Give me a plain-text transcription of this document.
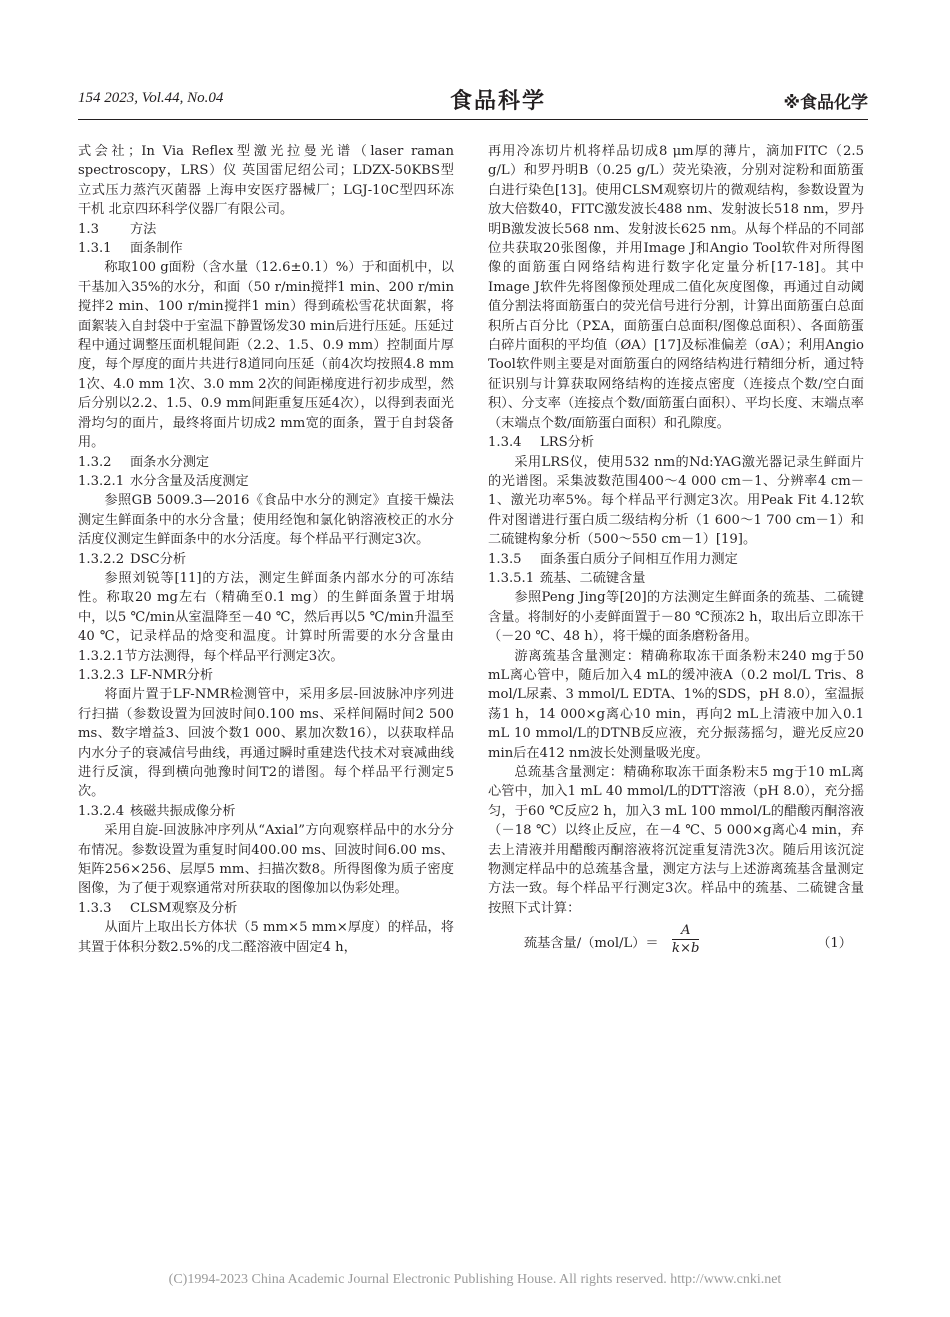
154 2023, Vol.44, No.04	食品科学	※食品化学

式会社；In Via Reflex型激光拉曼光谱（laser raman spectroscopy，LRS）仪 英国雷尼绍公司；LDZX-50KBS型立式压力蒸汽灭菌器 上海申安医疗器械厂；LGJ-10C型四环冻干机 北京四环科学仪器厂有限公司。

1.3 方法

1.3.1 面条制作

称取100 g面粉（含水量（12.6±0.1）%）于和面机中，以干基加入35%的水分，和面（50 r/min搅拌1 min、200 r/min搅拌2 min、100 r/min搅拌1 min）得到疏松雪花状面絮，将面絮装入自封袋中于室温下静置饧发30 min后进行压延。压延过程中通过调整压面机辊间距（2.2、1.5、0.9 mm）控制面片厚度，每个厚度的面片共进行8道同向压延（前4次均按照4.8 mm 1次、4.0 mm 1次、3.0 mm 2次的间距梯度进行初步成型，然后分别以2.2、1.5、0.9 mm间距重复压延4次），以得到表面光滑均匀的面片，最终将面片切成2 mm宽的面条，置于自封袋备用。

1.3.2 面条水分测定

1.3.2.1 水分含量及活度测定

参照GB 5009.3—2016《食品中水分的测定》直接干燥法测定生鲜面条中的水分含量；使用经饱和氯化钠溶液校正的水分活度仪测定生鲜面条中的水分活度。每个样品平行测定3次。

1.3.2.2 DSC分析

参照刘锐等[11]的方法，测定生鲜面条内部水分的可冻结性。称取20 mg左右（精确至0.1 mg）的生鲜面条置于坩埚中，以5 ℃/min从室温降至－40 ℃，然后再以5 ℃/min升温至40 ℃，记录样品的焓变和温度。计算时所需要的水分含量由1.3.2.1节方法测得，每个样品平行测定3次。

1.3.2.3 LF-NMR分析

将面片置于LF-NMR检测管中，采用多层-回波脉冲序列进行扫描（参数设置为回波时间0.100 ms、采样间隔时间2 500 ms、数字增益3、回波个数1 000、累加次数16），以获取样品内水分子的衰减信号曲线，再通过瞬时重建迭代技术对衰减曲线进行反演，得到横向弛豫时间T2的谱图。每个样品平行测定5次。

1.3.2.4 核磁共振成像分析

采用自旋-回波脉冲序列从“Axial”方向观察样品中的水分分布情况。参数设置为重复时间400.00 ms、回波时间6.00 ms、矩阵256×256、层厚5 mm、扫描次数8。所得图像为质子密度图像，为了便于观察通常对所获取的图像加以伪彩处理。

1.3.3 CLSM观察及分析

从面片上取出长方体状（5 mm×5 mm×厚度）的样品，将其置于体积分数2.5%的戊二醛溶液中固定4 h，

再用冷冻切片机将样品切成8 μm厚的薄片，滴加FITC（2.5 g/L）和罗丹明B（0.25 g/L）荧光染液，分别对淀粉和面筋蛋白进行染色[13]。使用CLSM观察切片的微观结构，参数设置为放大倍数40，FITC激发波长488 nm、发射波长518 nm，罗丹明B激发波长568 nm、发射波长625 nm。从每个样品的不同部位共获取20张图像，并用Image J和Angio Tool软件对所得图像的面筋蛋白网络结构进行数字化定量分析[17-18]。其中Image J软件先将图像预处理成二值化灰度图像，再通过自动阈值分割法将面筋蛋白的荧光信号进行分割，计算出面筋蛋白总面积所占百分比（PΣA，面筋蛋白总面积/图像总面积）、各面筋蛋白碎片面积的平均值（ØA）[17]及标准偏差（σA）；利用Angio Tool软件则主要是对面筋蛋白的网络结构进行精细分析，通过特征识别与计算获取网络结构的连接点密度（连接点个数/空白面积）、分支率（连接点个数/面筋蛋白面积）、平均长度、末端点率（末端点个数/面筋蛋白面积）和孔隙度。

1.3.4 LRS分析

采用LRS仪，使用532 nm的Nd:YAG激光器记录生鲜面片的光谱图。采集波数范围400～4 000 cm－1、分辨率4 cm－1、激光功率5%。每个样品平行测定3次。用Peak Fit 4.12软件对图谱进行蛋白质二级结构分析（1 600～1 700 cm－1）和二硫键构象分析（500～550 cm－1）[19]。

1.3.5 面条蛋白质分子间相互作用力测定

1.3.5.1 巯基、二硫键含量

参照Peng Jing等[20]的方法测定生鲜面条的巯基、二硫键含量。将制好的小麦鲜面置于－80 ℃预冻2 h，取出后立即冻干（－20 ℃、48 h），将干燥的面条磨粉备用。

游离巯基含量测定：精确称取冻干面条粉末240 mg于50 mL离心管中，随后加入4 mL的缓冲液A（0.2 mol/L Tris、8 mol/L尿素、3 mmol/L EDTA、1%的SDS，pH 8.0），室温振荡1 h，14 000×g离心10 min，再向2 mL上清液中加入0.1 mL 10 mmol/L的DTNB反应液，充分振荡摇匀，避光反应20 min后在412 nm波长处测量吸光度。

总巯基含量测定：精确称取冻干面条粉末5 mg于10 mL离心管中，加入1 mL 40 mmol/L的DTT溶液（pH 8.0），充分摇匀，于60 ℃反应2 h，加入3 mL 100 mmol/L的醋酸丙酮溶液（－18 ℃）以终止反应，在－4 ℃、5 000×g离心4 min，弃去上清液并用醋酸丙酮溶液将沉淀重复清洗3次。随后用该沉淀物测定样品中的总巯基含量，测定方法与上述游离巯基含量测定方法一致。每个样品平行测定3次。样品中的巯基、二硫键含量按照下式计算：

巯基含量$/(mol/L)= \frac{A}{k\times b}$	（1）
(C)1994-2023 China Academic Journal Electronic Publishing House. All rights reserved. http://www.cnki.net
